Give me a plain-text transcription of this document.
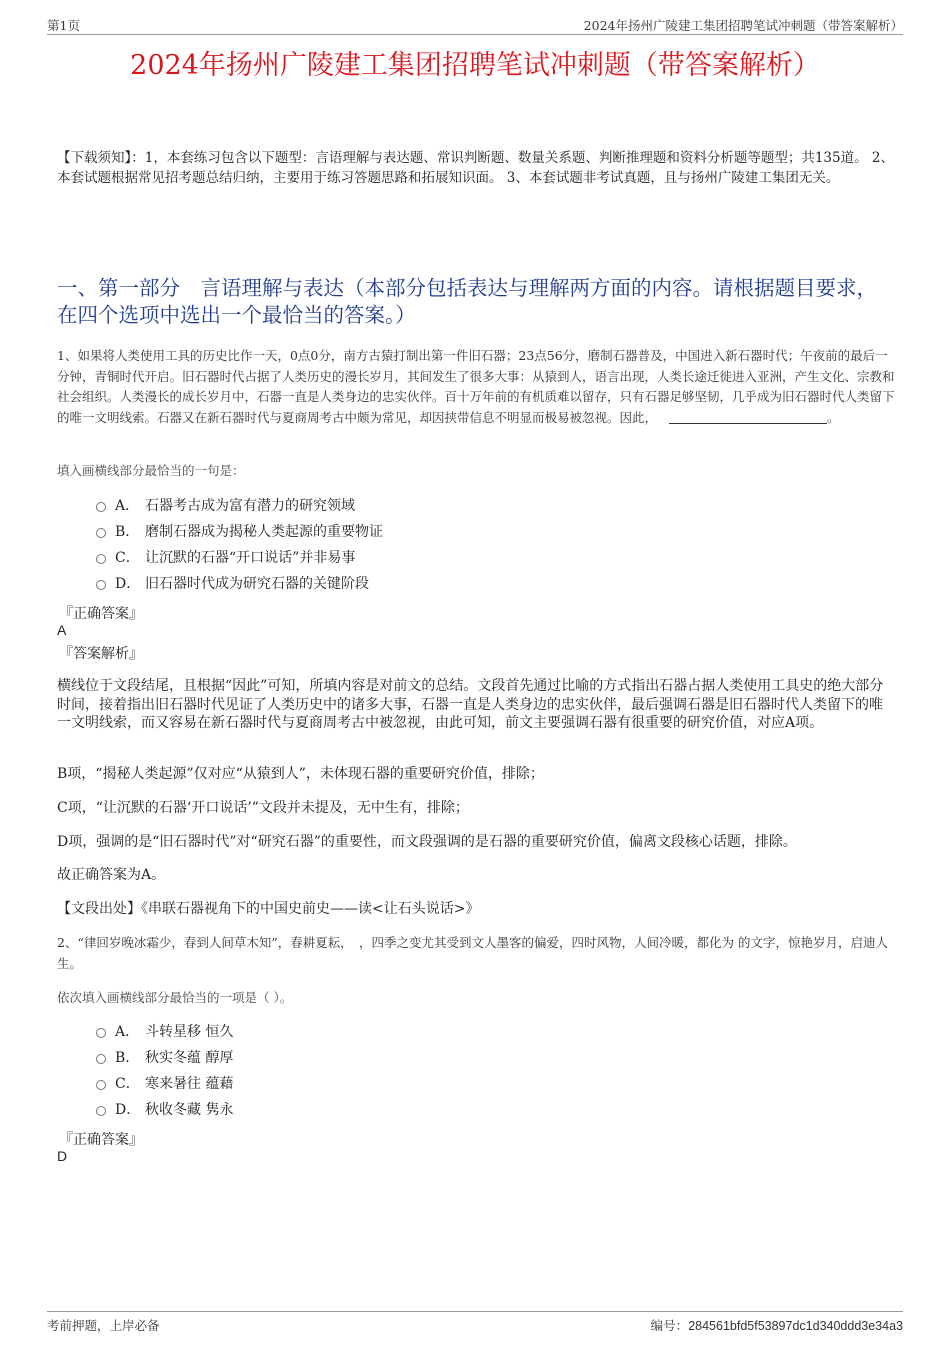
第1页	2024年扬州广陵建工集团招聘笔试冲刺题（带答案解析）
2024年扬州广陵建工集团招聘笔试冲刺题（带答案解析）
【下载须知】：1，本套练习包含以下题型：言语理解与表达题、常识判断题、数量关系题、判断推理题和资料分析题等题型；共135道。 2、本套试题根据常见招考题总结归纳，主要用于练习答题思路和拓展知识面。 3、本套试题非考试真题，且与扬州广陵建工集团无关。
一、第一部分　言语理解与表达（本部分包括表达与理解两方面的内容。请根据题目要求，在四个选项中选出一个最恰当的答案。）
1、如果将人类使用工具的历史比作一天，0点0分，南方古猿打制出第一件旧石器；23点56分，磨制石器普及，中国进入新石器时代；午夜前的最后一分钟，青铜时代开启。旧石器时代占据了人类历史的漫长岁月，其间发生了很多大事：从猿到人，语言出现，人类长途迁徙进入亚洲，产生文化、宗教和社会组织。人类漫长的成长岁月中，石器一直是人类身边的忠实伙伴。百十万年前的有机质难以留存，只有石器足够坚韧，几乎成为旧石器时代人类留下的唯一文明线索。石器又在新石器时代与夏商周考古中颇为常见，却因挟带信息不明显而极易被忽视。因此，	。
填入画横线部分最恰当的一句是：
A． 石器考古成为富有潜力的研究领域
B． 磨制石器成为揭秘人类起源的重要物证
C． 让沉默的石器“开口说话”并非易事
D． 旧石器时代成为研究石器的关键阶段
『正确答案』
A
『答案解析』
横线位于文段结尾，且根据“因此”可知，所填内容是对前文的总结。文段首先通过比喻的方式指出石器占据人类使用工具史的绝大部分时间，接着指出旧石器时代见证了人类历史中的诸多大事，石器一直是人类身边的忠实伙伴，最后强调石器是旧石器时代人类留下的唯一文明线索，而又容易在新石器时代与夏商周考古中被忽视，由此可知，前文主要强调石器有很重要的研究价值，对应A项。
B项，“揭秘人类起源”仅对应“从猿到人”，未体现石器的重要研究价值，排除；
C项，“让沉默的石器‘开口说话’”文段并未提及，无中生有，排除；
D项，强调的是“旧石器时代”对“研究石器”的重要性，而文段强调的是石器的重要研究价值，偏离文段核心话题，排除。
故正确答案为A。
【文段出处】《串联石器视角下的中国史前史——读<让石头说话>》
2、“律回岁晚冰霜少，春到人间草木知”，春耕夏耘，　，四季之变尤其受到文人墨客的偏爱，四时风物，人间冷暖，都化为 的文字，惊艳岁月，启迪人生。
依次填入画横线部分最恰当的一项是（ ）。
A． 斗转星移 恒久
B． 秋实冬蕴 醇厚
C． 寒来暑往 蕴藉
D． 秋收冬藏 隽永
『正确答案』
D
考前押题，上岸必备	编号：284561bfd5f53897dc1d340ddd3e34a3
